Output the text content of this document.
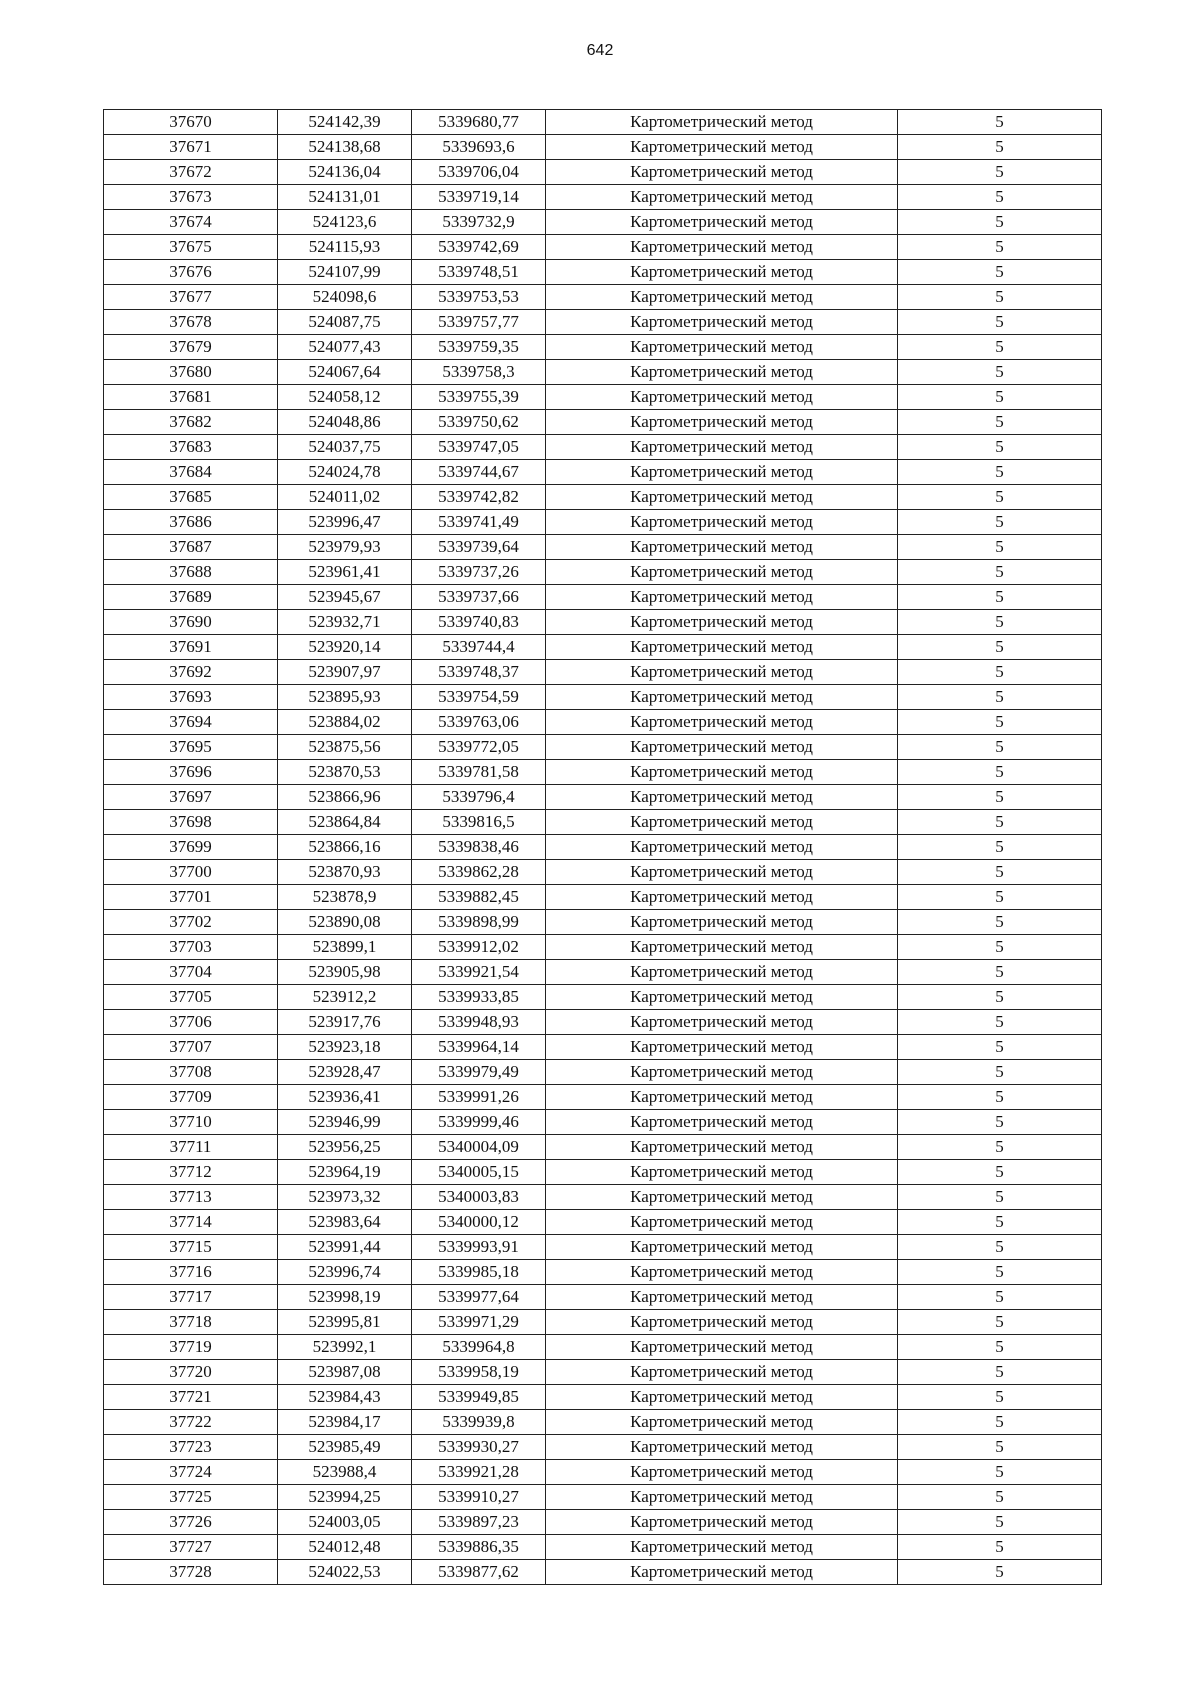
642
37670	524142,39	5339680,77	Картометрический метод	5
37671	524138,68	5339693,6	Картометрический метод	5
37672	524136,04	5339706,04	Картометрический метод	5
37673	524131,01	5339719,14	Картометрический метод	5
37674	524123,6	5339732,9	Картометрический метод	5
37675	524115,93	5339742,69	Картометрический метод	5
37676	524107,99	5339748,51	Картометрический метод	5
37677	524098,6	5339753,53	Картометрический метод	5
37678	524087,75	5339757,77	Картометрический метод	5
37679	524077,43	5339759,35	Картометрический метод	5
37680	524067,64	5339758,3	Картометрический метод	5
37681	524058,12	5339755,39	Картометрический метод	5
37682	524048,86	5339750,62	Картометрический метод	5
37683	524037,75	5339747,05	Картометрический метод	5
37684	524024,78	5339744,67	Картометрический метод	5
37685	524011,02	5339742,82	Картометрический метод	5
37686	523996,47	5339741,49	Картометрический метод	5
37687	523979,93	5339739,64	Картометрический метод	5
37688	523961,41	5339737,26	Картометрический метод	5
37689	523945,67	5339737,66	Картометрический метод	5
37690	523932,71	5339740,83	Картометрический метод	5
37691	523920,14	5339744,4	Картометрический метод	5
37692	523907,97	5339748,37	Картометрический метод	5
37693	523895,93	5339754,59	Картометрический метод	5
37694	523884,02	5339763,06	Картометрический метод	5
37695	523875,56	5339772,05	Картометрический метод	5
37696	523870,53	5339781,58	Картометрический метод	5
37697	523866,96	5339796,4	Картометрический метод	5
37698	523864,84	5339816,5	Картометрический метод	5
37699	523866,16	5339838,46	Картометрический метод	5
37700	523870,93	5339862,28	Картометрический метод	5
37701	523878,9	5339882,45	Картометрический метод	5
37702	523890,08	5339898,99	Картометрический метод	5
37703	523899,1	5339912,02	Картометрический метод	5
37704	523905,98	5339921,54	Картометрический метод	5
37705	523912,2	5339933,85	Картометрический метод	5
37706	523917,76	5339948,93	Картометрический метод	5
37707	523923,18	5339964,14	Картометрический метод	5
37708	523928,47	5339979,49	Картометрический метод	5
37709	523936,41	5339991,26	Картометрический метод	5
37710	523946,99	5339999,46	Картометрический метод	5
37711	523956,25	5340004,09	Картометрический метод	5
37712	523964,19	5340005,15	Картометрический метод	5
37713	523973,32	5340003,83	Картометрический метод	5
37714	523983,64	5340000,12	Картометрический метод	5
37715	523991,44	5339993,91	Картометрический метод	5
37716	523996,74	5339985,18	Картометрический метод	5
37717	523998,19	5339977,64	Картометрический метод	5
37718	523995,81	5339971,29	Картометрический метод	5
37719	523992,1	5339964,8	Картометрический метод	5
37720	523987,08	5339958,19	Картометрический метод	5
37721	523984,43	5339949,85	Картометрический метод	5
37722	523984,17	5339939,8	Картометрический метод	5
37723	523985,49	5339930,27	Картометрический метод	5
37724	523988,4	5339921,28	Картометрический метод	5
37725	523994,25	5339910,27	Картометрический метод	5
37726	524003,05	5339897,23	Картометрический метод	5
37727	524012,48	5339886,35	Картометрический метод	5
37728	524022,53	5339877,62	Картометрический метод	5
